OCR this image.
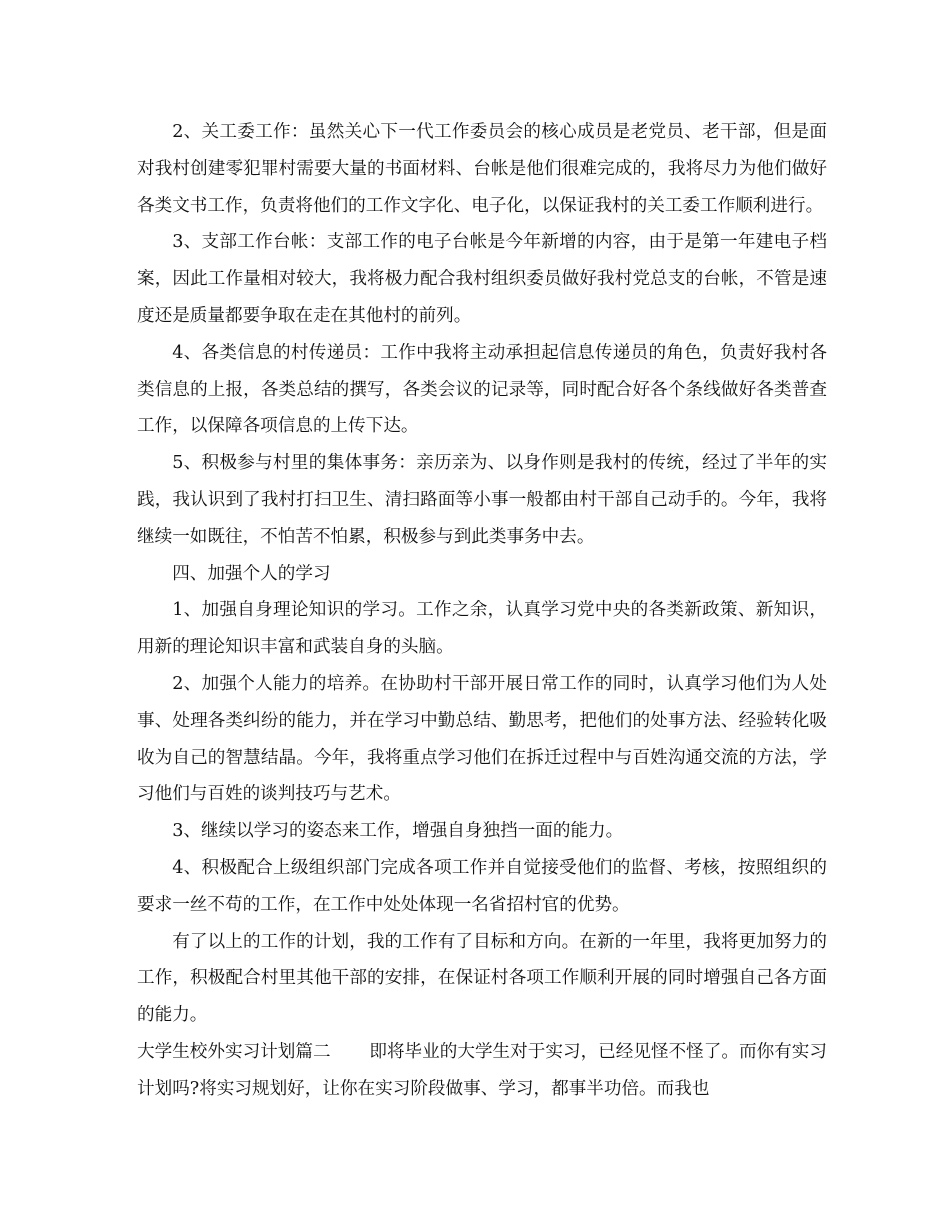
2、关工委工作：虽然关心下一代工作委员会的核心成员是老党员、老干部，但是面对我村创建零犯罪村需要大量的书面材料、台帐是他们很难完成的，我将尽力为他们做好各类文书工作，负责将他们的工作文字化、电子化，以保证我村的关工委工作顺利进行。

3、支部工作台帐：支部工作的电子台帐是今年新增的内容，由于是第一年建电子档案，因此工作量相对较大，我将极力配合我村组织委员做好我村党总支的台帐，不管是速度还是质量都要争取在走在其他村的前列。

4、各类信息的村传递员：工作中我将主动承担起信息传递员的角色，负责好我村各类信息的上报，各类总结的撰写，各类会议的记录等，同时配合好各个条线做好各类普查工作，以保障各项信息的上传下达。

5、积极参与村里的集体事务：亲历亲为、以身作则是我村的传统，经过了半年的实践，我认识到了我村打扫卫生、清扫路面等小事一般都由村干部自己动手的。今年，我将继续一如既往，不怕苦不怕累，积极参与到此类事务中去。

四、加强个人的学习

1、加强自身理论知识的学习。工作之余，认真学习党中央的各类新政策、新知识，用新的理论知识丰富和武装自身的头脑。

2、加强个人能力的培养。在协助村干部开展日常工作的同时，认真学习他们为人处事、处理各类纠纷的能力，并在学习中勤总结、勤思考，把他们的处事方法、经验转化吸收为自己的智慧结晶。今年，我将重点学习他们在拆迁过程中与百姓沟通交流的方法，学习他们与百姓的谈判技巧与艺术。

3、继续以学习的姿态来工作，增强自身独挡一面的能力。

4、积极配合上级组织部门完成各项工作并自觉接受他们的监督、考核，按照组织的要求一丝不苟的工作，在工作中处处体现一名省招村官的优势。

有了以上的工作的计划，我的工作有了目标和方向。在新的一年里，我将更加努力的工作，积极配合村里其他干部的安排，在保证村各项工作顺利开展的同时增强自己各方面的能力。

大学生校外实习计划篇二 即将毕业的大学生对于实习，已经见怪不怪了。而你有实习计划吗?将实习规划好，让你在实习阶段做事、学习，都事半功倍。而我也
